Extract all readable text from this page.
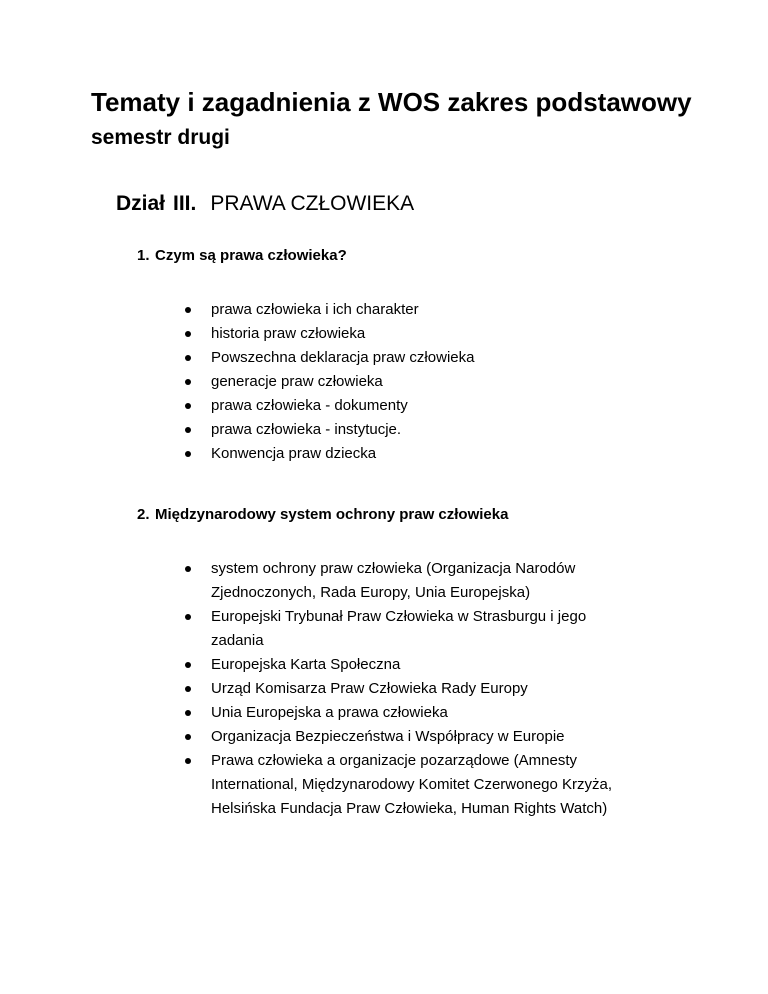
Tematy i zagadnienia z WOS zakres podstawowy
semestr drugi
Dział III. PRAWA CZŁOWIEKA
1. Czym są prawa człowieka?
prawa człowieka i ich charakter
historia praw człowieka
Powszechna deklaracja praw człowieka
generacje praw człowieka
prawa człowieka - dokumenty
prawa człowieka - instytucje.
Konwencja praw dziecka
2. Międzynarodowy system ochrony praw człowieka
system ochrony praw człowieka (Organizacja Narodów Zjednoczonych, Rada Europy, Unia Europejska)
Europejski Trybunał Praw Człowieka w Strasburgu i jego zadania
Europejska Karta Społeczna
Urząd Komisarza Praw Człowieka Rady Europy
Unia Europejska a prawa człowieka
Organizacja Bezpieczeństwa i Współpracy w Europie
Prawa człowieka a organizacje pozarządowe (Amnesty International, Międzynarodowy Komitet Czerwonego Krzyża, Helsińska Fundacja Praw Człowieka, Human Rights Watch)
